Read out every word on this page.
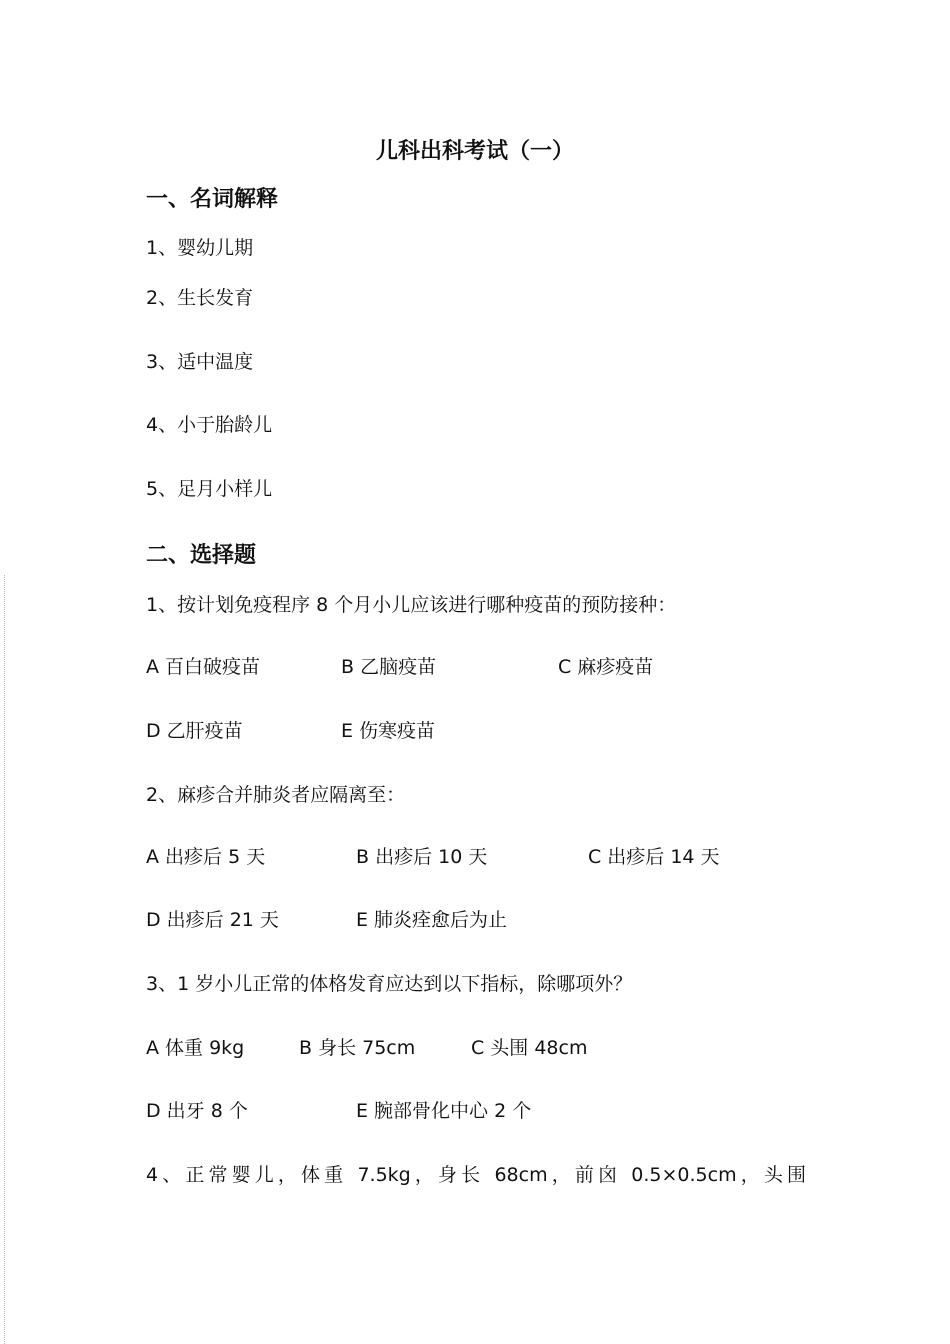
儿科出科考试（一）
一、名词解释
1、婴幼儿期
2、生长发育
3、适中温度
4、小于胎龄儿
5、足月小样儿
二、选择题
1、按计划免疫程序 8 个月小儿应该进行哪种疫苗的预防接种：
A 百白破疫苗	B 乙脑疫苗	C 麻疹疫苗
D 乙肝疫苗	E 伤寒疫苗
2、麻疹合并肺炎者应隔离至：
A 出疹后 5 天	B 出疹后 10 天	C 出疹后 14 天
D 出疹后 21 天	E 肺炎痊愈后为止
3、1 岁小儿正常的体格发育应达到以下指标，除哪项外？
A 体重 9kg	B 身长 75cm	C 头围 48cm
D 出牙 8 个	E 腕部骨化中心 2 个
4、正常婴儿，体重 7.5kg，身长 68cm，前囟 0.5×0.5cm，头围
